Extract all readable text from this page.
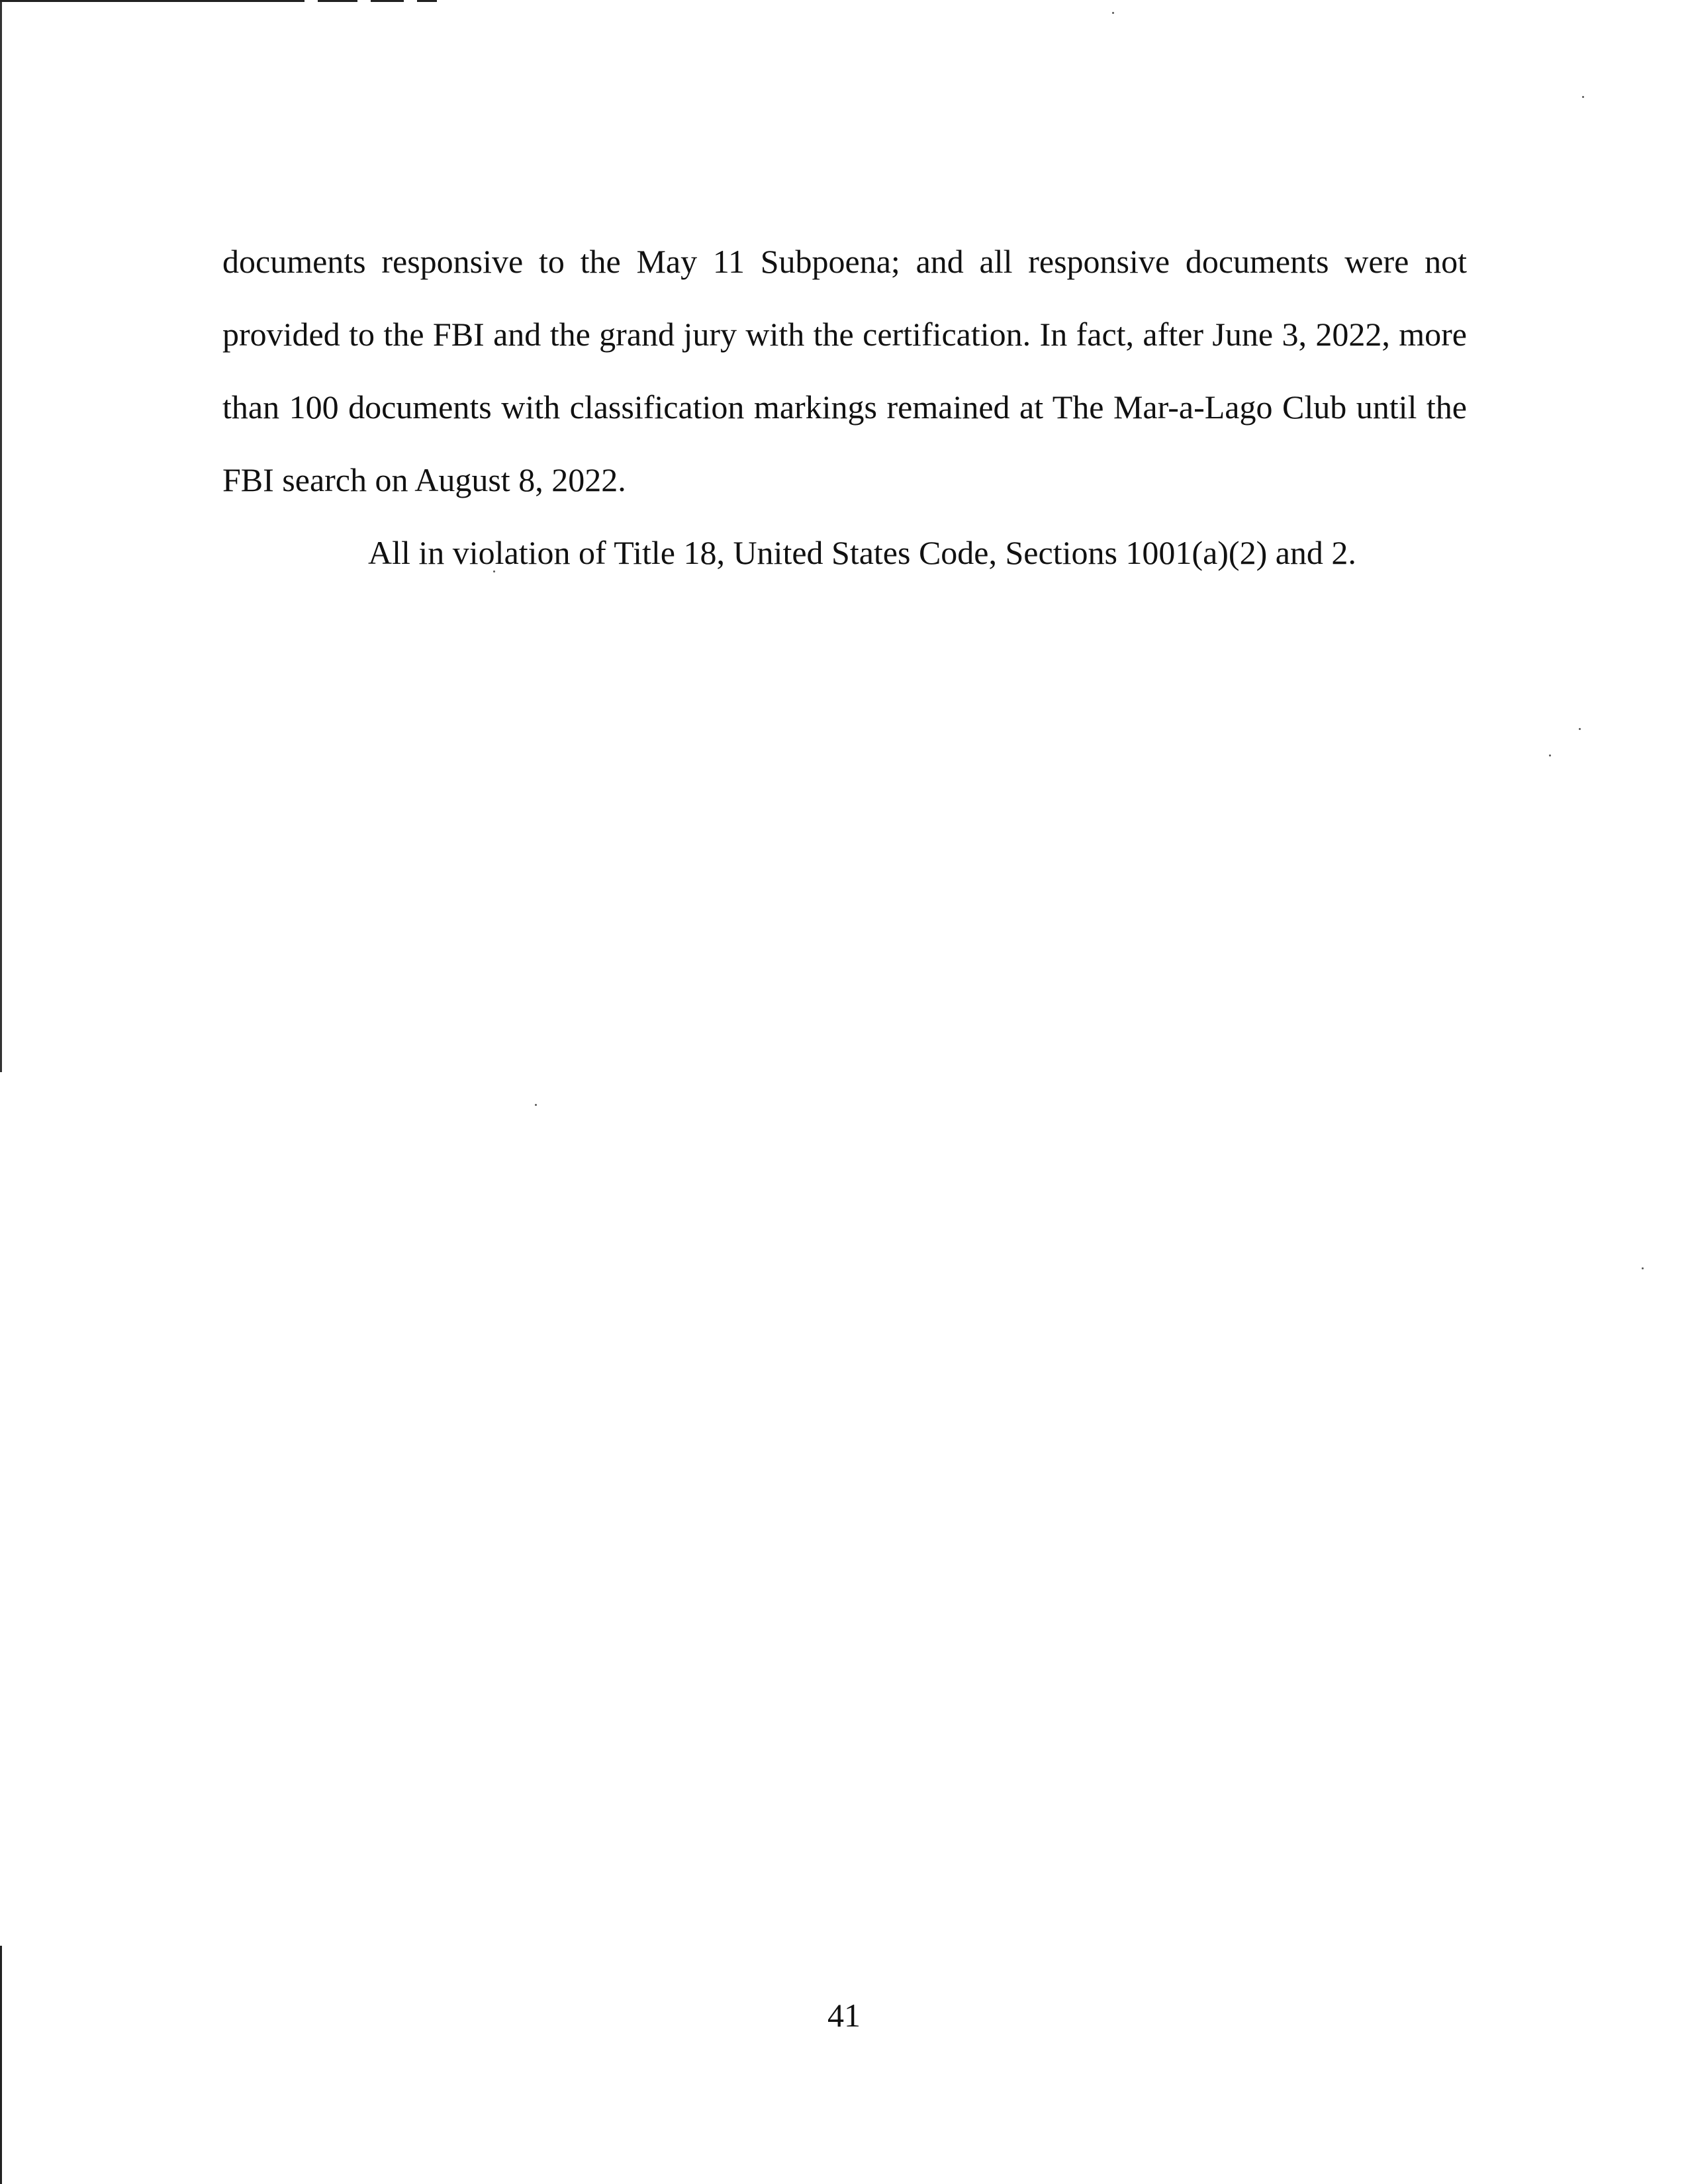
documents responsive to the May 11 Subpoena; and all responsive documents were not provided to the FBI and the grand jury with the certification. In fact, after June 3, 2022, more than 100 documents with classification markings remained at The Mar-a-Lago Club until the FBI search on August 8, 2022.

All in violation of Title 18, United States Code, Sections 1001(a)(2) and 2.

41
